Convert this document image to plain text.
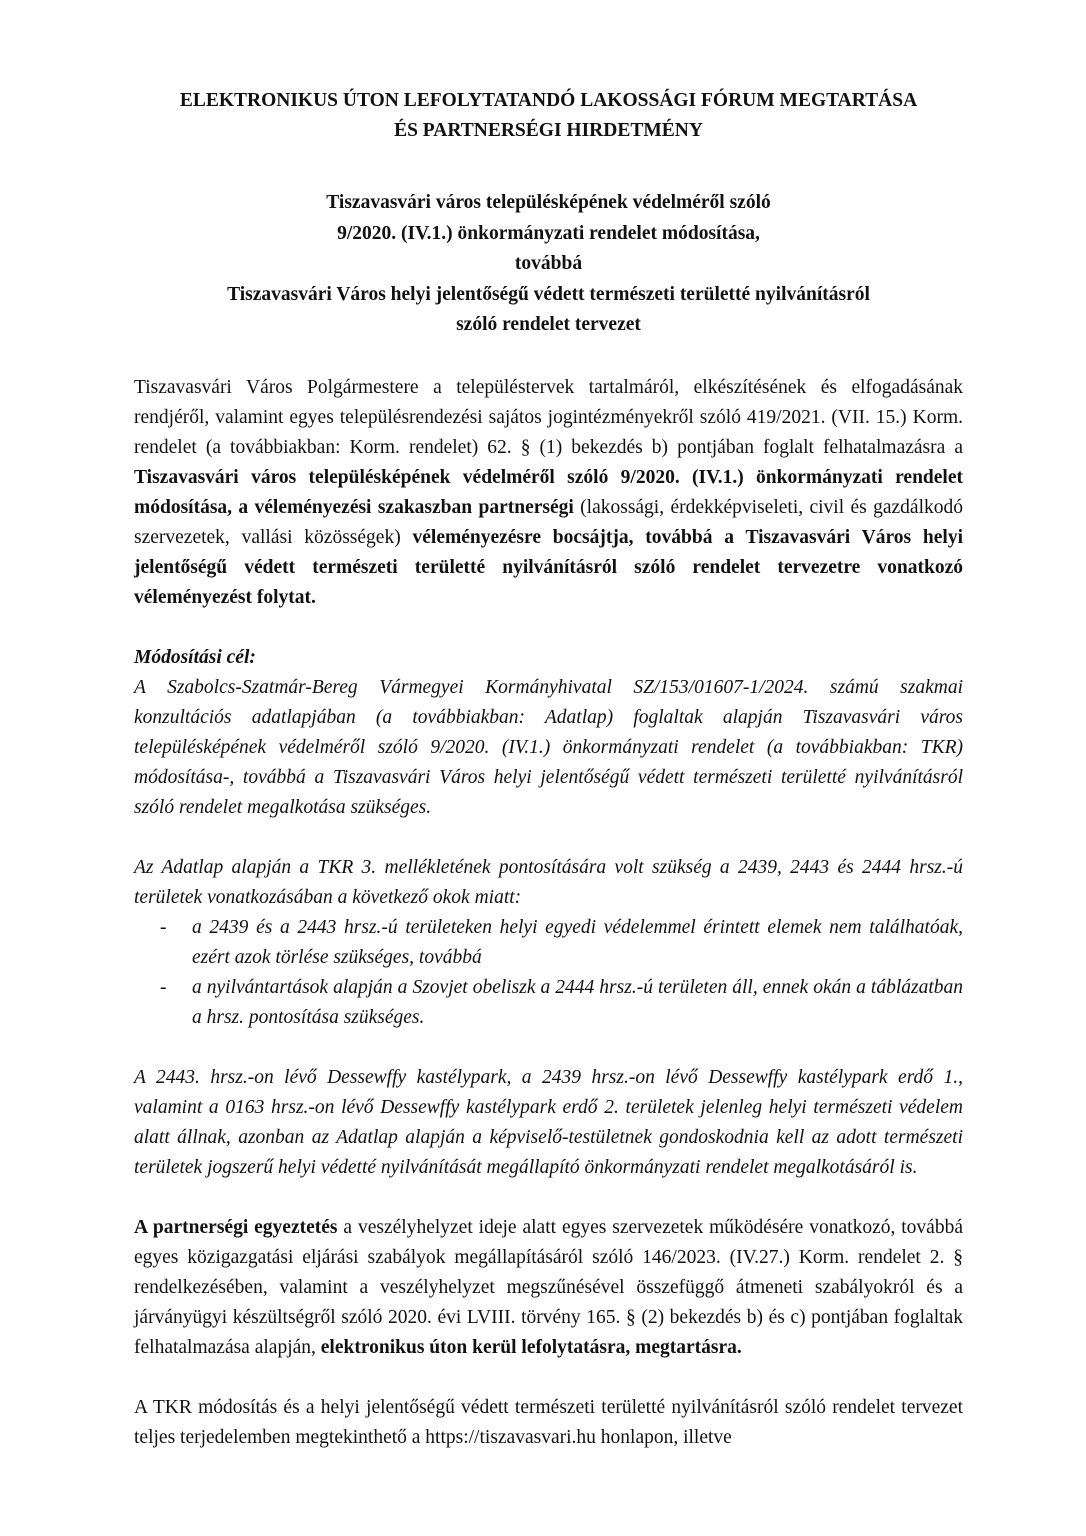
ELEKTRONIKUS ÚTON LEFOLYTATANDÓ LAKOSSÁGI FÓRUM MEGTARTÁSA
ÉS PARTNERSÉGI HIRDETMÉNY
Tiszavasvári város településképének védelméről szóló
9/2020. (IV.1.) önkormányzati rendelet módosítása,
továbbá
Tiszavasvári Város helyi jelentőségű védett természeti területté nyilvánításról
szóló rendelet tervezet

Tiszavasvári Város Polgármestere a településtervek tartalmáról, elkészítésének és elfogadásának rendjéről, valamint egyes településrendezési sajátos jogintézményekről szóló 419/2021. (VII. 15.) Korm. rendelet (a továbbiakban: Korm. rendelet) 62. § (1) bekezdés b) pontjában foglalt felhatalmazásra a Tiszavasvári város településképének védelméről szóló 9/2020. (IV.1.) önkormányzati rendelet módosítása, a véleményezési szakaszban partnerségi (lakossági, érdekképviseleti, civil és gazdálkodó szervezetek, vallási közösségek) véleményezésre bocsájtja, továbbá a Tiszavasvári Város helyi jelentőségű védett természeti területté nyilvánításról szóló rendelet tervezetre vonatkozó véleményezést folytat.

Módosítási cél:

A Szabolcs-Szatmár-Bereg Vármegyei Kormányhivatal SZ/153/01607-1/2024. számú szakmai konzultációs adatlapjában (a továbbiakban: Adatlap) foglaltak alapján Tiszavasvári város településképének védelméről szóló 9/2020. (IV.1.) önkormányzati rendelet (a továbbiakban: TKR) módosítása-, továbbá a Tiszavasvári Város helyi jelentőségű védett természeti területté nyilvánításról szóló rendelet megalkotása szükséges.

Az Adatlap alapján a TKR 3. mellékletének pontosítására volt szükség a 2439, 2443 és 2444 hrsz.-ú területek vonatkozásában a következő okok miatt:

- a 2439 és a 2443 hrsz.-ú területeken helyi egyedi védelemmel érintett elemek nem találhatóak, ezért azok törlése szükséges, továbbá
- a nyilvántartások alapján a Szovjet obeliszk a 2444 hrsz.-ú területen áll, ennek okán a táblázatban a hrsz. pontosítása szükséges.

A 2443. hrsz.-on lévő Dessewffy kastélypark, a 2439 hrsz.-on lévő Dessewffy kastélypark erdő 1., valamint a 0163 hrsz.-on lévő Dessewffy kastélypark erdő 2. területek jelenleg helyi természeti védelem alatt állnak, azonban az Adatlap alapján a képviselő-testületnek gondoskodnia kell az adott természeti területek jogszerű helyi védetté nyilvánítását megállapító önkormányzati rendelet megalkotásáról is.

A partnerségi egyeztetés a veszélyhelyzet ideje alatt egyes szervezetek működésére vonatkozó, továbbá egyes közigazgatási eljárási szabályok megállapításáról szóló 146/2023. (IV.27.) Korm. rendelet 2. § rendelkezésében, valamint a veszélyhelyzet megszűnésével összefüggő átmeneti szabályokról és a járványügyi készültségről szóló 2020. évi LVIII. törvény 165. § (2) bekezdés b) és c) pontjában foglaltak felhatalmazása alapján, elektronikus úton kerül lefolytatásra, megtartásra.

A TKR módosítás és a helyi jelentőségű védett természeti területté nyilvánításról szóló rendelet tervezet teljes terjedelemben megtekinthető a https://tiszavasvari.hu honlapon, illetve
